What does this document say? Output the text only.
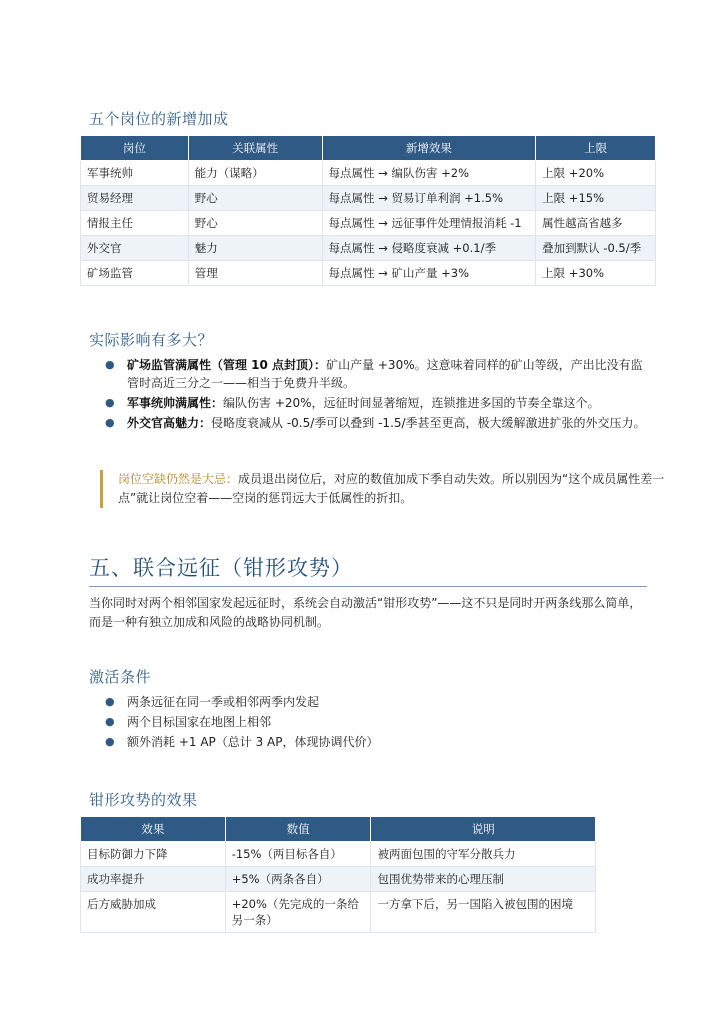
五个岗位的新增加成
岗位	关联属性	新增效果	上限
军事统帅	能力（谋略）	每点属性 → 编队伤害 +2%	上限 +20%
贸易经理	野心	每点属性 → 贸易订单利润 +1.5%	上限 +15%
情报主任	野心	每点属性 → 远征事件处理情报消耗 -1	属性越高省越多
外交官	魅力	每点属性 → 侵略度衰减 +0.1/季	叠加到默认 -0.5/季
矿场监管	管理	每点属性 → 矿山产量 +3%	上限 +30%
实际影响有多大？
● 矿场监管满属性（管理 10 点封顶）：矿山产量 +30%。这意味着同样的矿山等级，产出比没有监管时高近三分之一——相当于免费升半级。
● 军事统帅满属性：编队伤害 +20%，远征时间显著缩短，连锁推进多国的节奏全靠这个。
● 外交官高魅力：侵略度衰减从 -0.5/季可以叠到 -1.5/季甚至更高，极大缓解激进扩张的外交压力。
岗位空缺仍然是大忌：成员退出岗位后，对应的数值加成下季自动失效。所以别因为“这个成员属性差一点”就让岗位空着——空岗的惩罚远大于低属性的折扣。
五、联合远征（钳形攻势）
当你同时对两个相邻国家发起远征时，系统会自动激活“钳形攻势”——这不只是同时开两条线那么简单，而是一种有独立加成和风险的战略协同机制。
激活条件
● 两条远征在同一季或相邻两季内发起
● 两个目标国家在地图上相邻
● 额外消耗 +1 AP（总计 3 AP，体现协调代价）
钳形攻势的效果
效果	数值	说明
目标防御力下降	-15%（两目标各自）	被两面包围的守军分散兵力
成功率提升	+5%（两条各自）	包围优势带来的心理压制
后方威胁加成	+20%（先完成的一条给另一条）	一方拿下后，另一国陷入被包围的困境
